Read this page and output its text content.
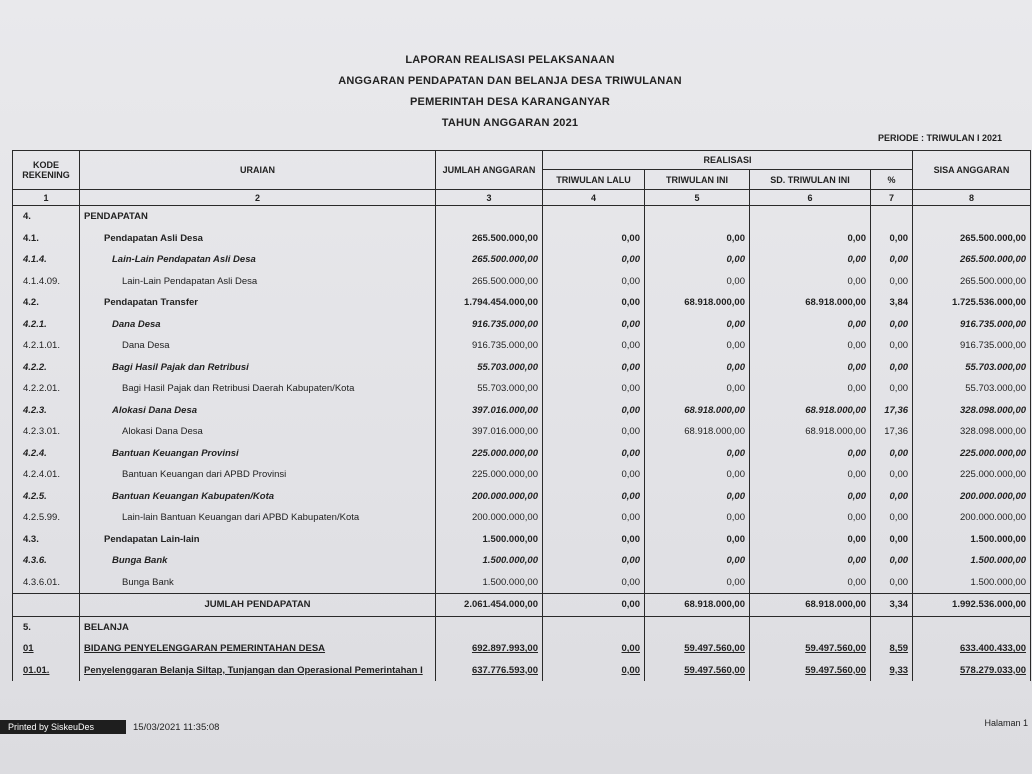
LAPORAN REALISASI PELAKSANAAN
ANGGARAN PENDAPATAN DAN BELANJA DESA TRIWULANAN
PEMERINTAH DESA KARANGANYAR
TAHUN ANGGARAN 2021
PERIODE : TRIWULAN I 2021
KODE REKENING	URAIAN	JUMLAH ANGGARAN	REALISASI				SISA ANGGARAN
			TRIWULAN LALU	TRIWULAN INI	SD. TRIWULAN INI	%	
1	2	3	4	5	6	7	8
4.	PENDAPATAN						
4.1.	Pendapatan Asli Desa	265.500.000,00	0,00	0,00	0,00	0,00	265.500.000,00
4.1.4.	Lain-Lain Pendapatan Asli Desa	265.500.000,00	0,00	0,00	0,00	0,00	265.500.000,00
4.1.4.09.	Lain-Lain Pendapatan Asli Desa	265.500.000,00	0,00	0,00	0,00	0,00	265.500.000,00
4.2.	Pendapatan Transfer	1.794.454.000,00	0,00	68.918.000,00	68.918.000,00	3,84	1.725.536.000,00
4.2.1.	Dana Desa	916.735.000,00	0,00	0,00	0,00	0,00	916.735.000,00
4.2.1.01.	Dana Desa	916.735.000,00	0,00	0,00	0,00	0,00	916.735.000,00
4.2.2.	Bagi Hasil Pajak dan Retribusi	55.703.000,00	0,00	0,00	0,00	0,00	55.703.000,00
4.2.2.01.	Bagi Hasil Pajak dan Retribusi Daerah Kabupaten/Kota	55.703.000,00	0,00	0,00	0,00	0,00	55.703.000,00
4.2.3.	Alokasi Dana Desa	397.016.000,00	0,00	68.918.000,00	68.918.000,00	17,36	328.098.000,00
4.2.3.01.	Alokasi Dana Desa	397.016.000,00	0,00	68.918.000,00	68.918.000,00	17,36	328.098.000,00
4.2.4.	Bantuan Keuangan Provinsi	225.000.000,00	0,00	0,00	0,00	0,00	225.000.000,00
4.2.4.01.	Bantuan Keuangan dari APBD Provinsi	225.000.000,00	0,00	0,00	0,00	0,00	225.000.000,00
4.2.5.	Bantuan Keuangan Kabupaten/Kota	200.000.000,00	0,00	0,00	0,00	0,00	200.000.000,00
4.2.5.99.	Lain-lain Bantuan Keuangan dari APBD Kabupaten/Kota	200.000.000,00	0,00	0,00	0,00	0,00	200.000.000,00
4.3.	Pendapatan Lain-lain	1.500.000,00	0,00	0,00	0,00	0,00	1.500.000,00
4.3.6.	Bunga Bank	1.500.000,00	0,00	0,00	0,00	0,00	1.500.000,00
4.3.6.01.	Bunga Bank	1.500.000,00	0,00	0,00	0,00	0,00	1.500.000,00
	JUMLAH PENDAPATAN	2.061.454.000,00	0,00	68.918.000,00	68.918.000,00	3,34	1.992.536.000,00
5.	BELANJA						
01	BIDANG PENYELENGGARAN PEMERINTAHAN DESA	692.897.993,00	0,00	59.497.560,00	59.497.560,00	8,59	633.400.433,00
01.01.	Penyelenggaran Belanja Siltap, Tunjangan dan Operasional Pemerintahan I	637.776.593,00	0,00	59.497.560,00	59.497.560,00	9,33	578.279.033,00
Printed by SiskeuDes	15/03/2021 11:35:08	Halaman 1
